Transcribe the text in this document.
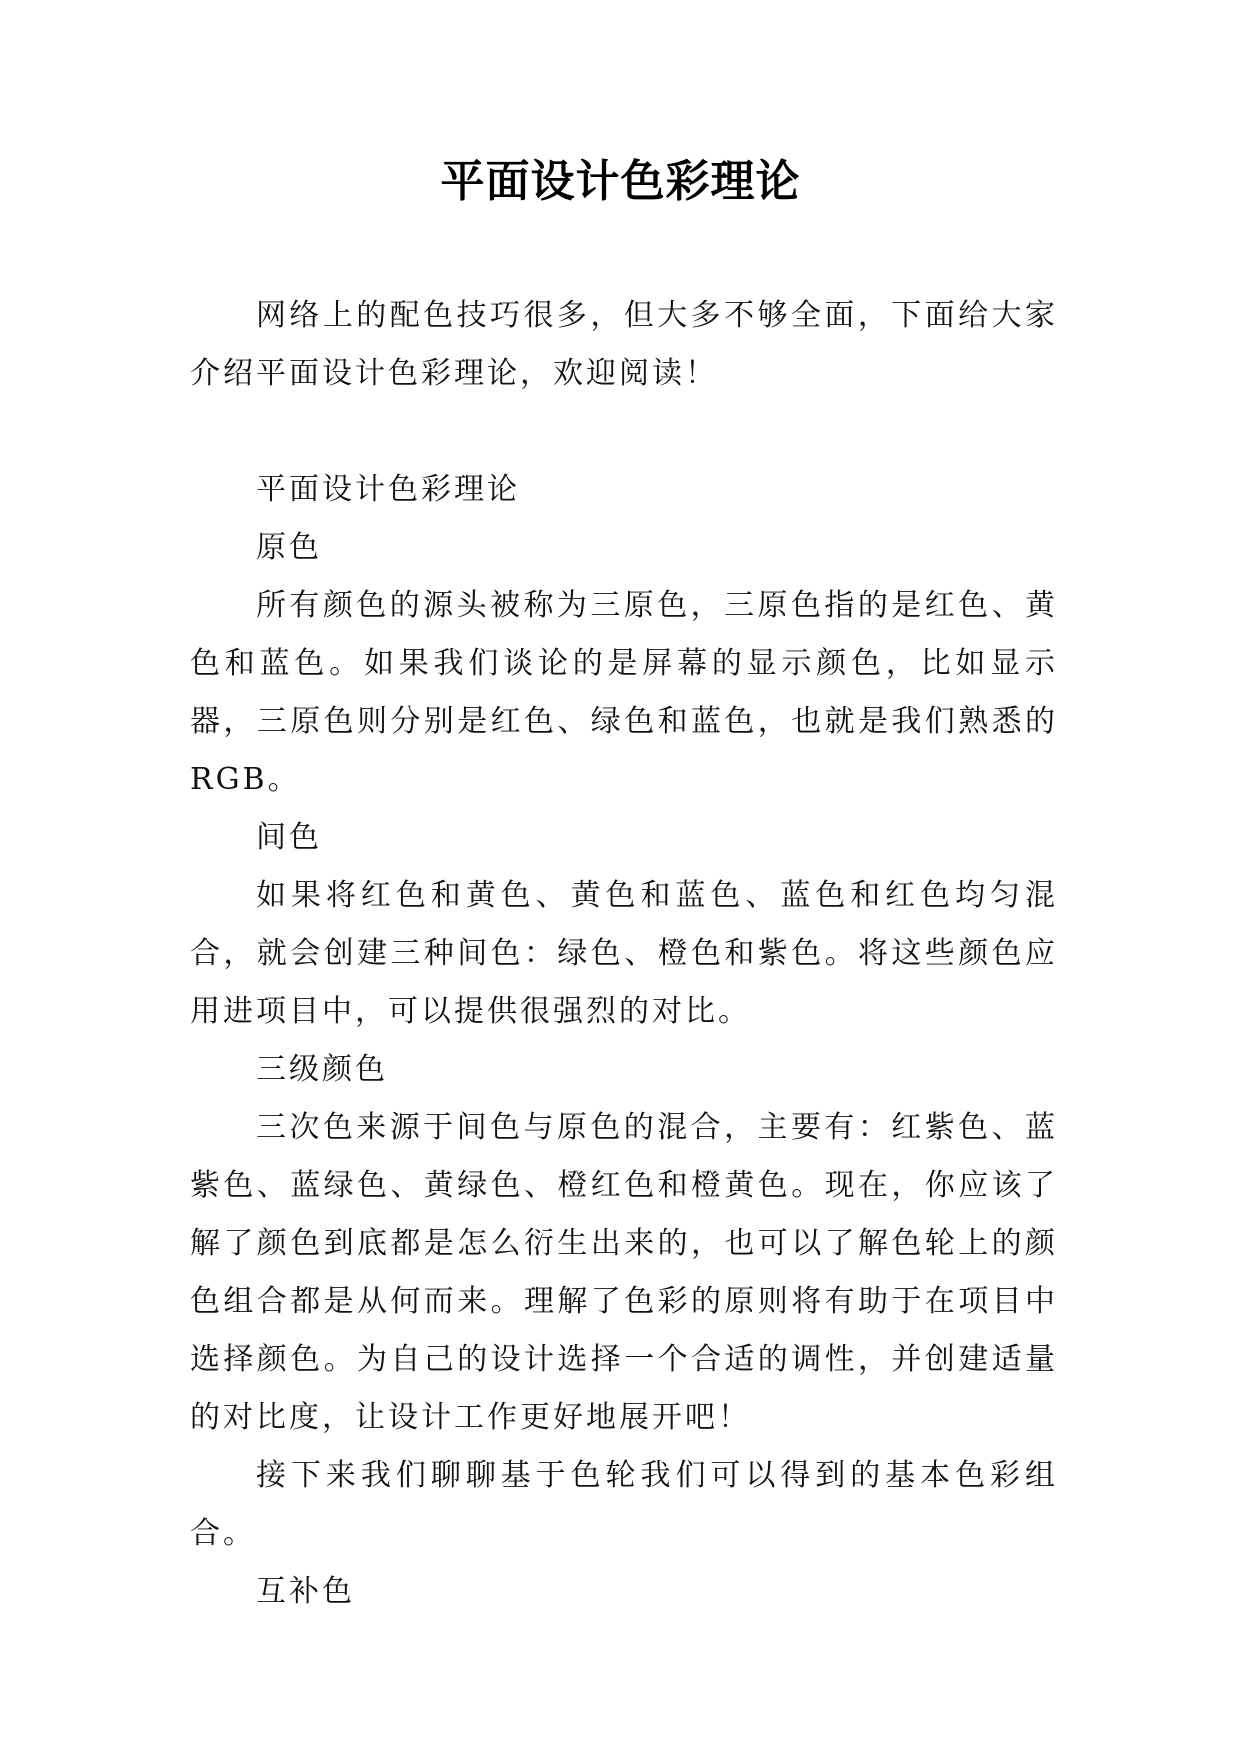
平面设计色彩理论

网络上的配色技巧很多，但大多不够全面，下面给大家介绍平面设计色彩理论，欢迎阅读！

平面设计色彩理论

原色

所有颜色的源头被称为三原色，三原色指的是红色、黄色和蓝色。如果我们谈论的是屏幕的显示颜色，比如显示器，三原色则分别是红色、绿色和蓝色，也就是我们熟悉的RGB。

间色

如果将红色和黄色、黄色和蓝色、蓝色和红色均匀混合，就会创建三种间色：绿色、橙色和紫色。将这些颜色应用进项目中，可以提供很强烈的对比。

三级颜色

三次色来源于间色与原色的混合，主要有：红紫色、蓝紫色、蓝绿色、黄绿色、橙红色和橙黄色。现在，你应该了解了颜色到底都是怎么衍生出来的，也可以了解色轮上的颜色组合都是从何而来。理解了色彩的原则将有助于在项目中选择颜色。为自己的设计选择一个合适的调性，并创建适量的对比度，让设计工作更好地展开吧！

接下来我们聊聊基于色轮我们可以得到的基本色彩组合。

互补色
